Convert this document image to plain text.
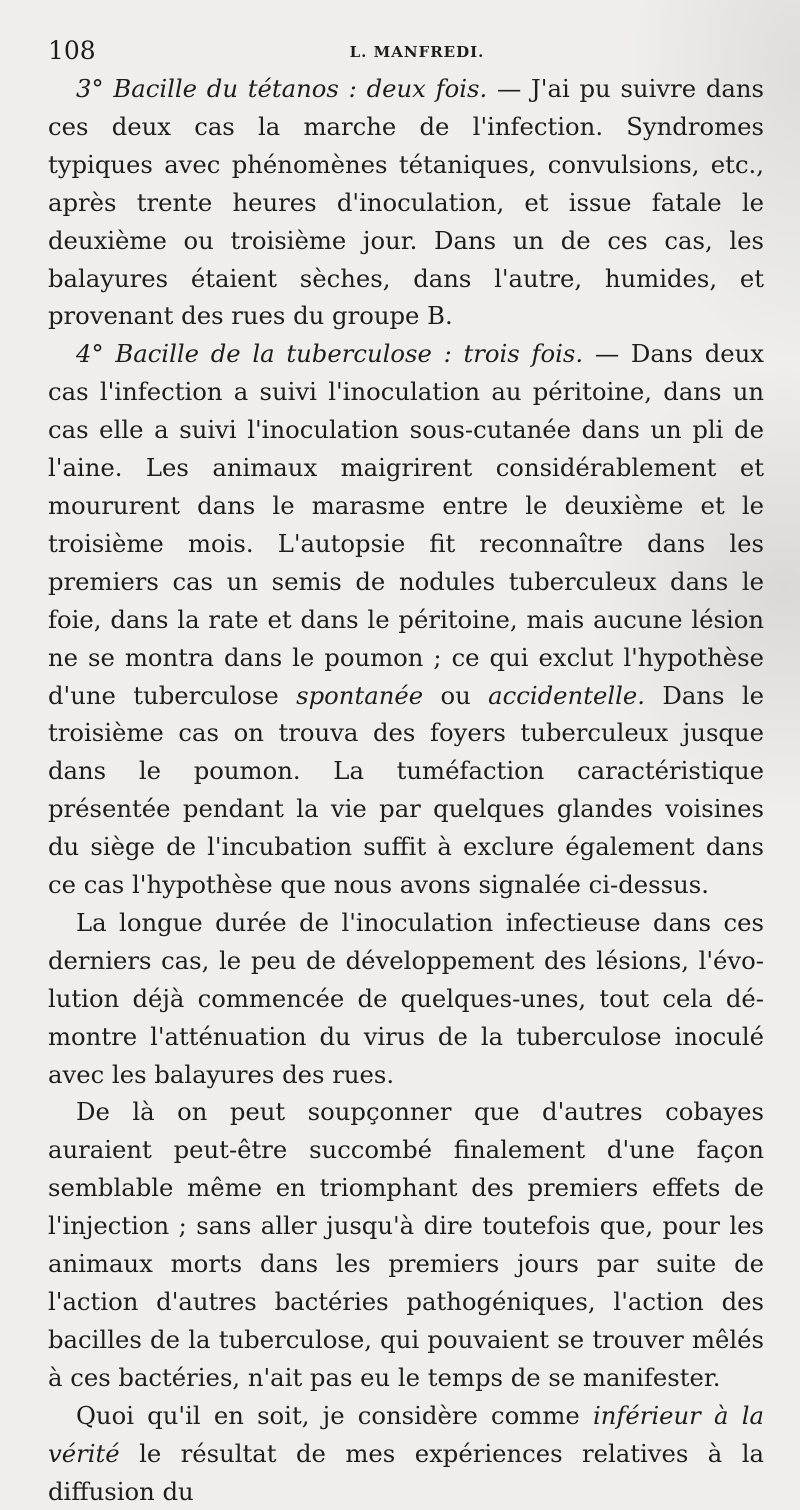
108	L. MANFREDI.

3° Bacille du tétanos : deux fois. — J'ai pu suivre dans ces deux cas la marche de l'infection. Syndromes typiques avec phénomènes tétaniques, convulsions, etc., après trente heures d'inoculation, et issue fatale le deuxième ou troisième jour. Dans un de ces cas, les balayures étaient sèches, dans l'autre, humides, et provenant des rues du groupe B.

4° Bacille de la tuberculose : trois fois. — Dans deux cas l'infection a suivi l'inoculation au péritoine, dans un cas elle a suivi l'inoculation sous-cutanée dans un pli de l'aine. Les animaux maigrirent considérablement et moururent dans le marasme entre le deuxième et le troisième mois. L'autopsie fit reconnaître dans les premiers cas un semis de nodules tuberculeux dans le foie, dans la rate et dans le péritoine, mais aucune lésion ne se montra dans le poumon ; ce qui exclut l'hypothèse d'une tuberculose spontanée ou accidentelle. Dans le troisième cas on trouva des foyers tuberculeux jusque dans le poumon. La tuméfaction caractéristique présentée pendant la vie par quelques glandes voisines du siège de l'incubation suffit à exclure également dans ce cas l'hypothèse que nous avons signalée ci-dessus.

La longue durée de l'inoculation infectieuse dans ces derniers cas, le peu de développement des lésions, l'évolution déjà commencée de quelques-unes, tout cela démontre l'atténuation du virus de la tuberculose inoculé avec les balayures des rues.

De là on peut soupçonner que d'autres cobayes auraient peut-être succombé finalement d'une façon semblable même en triomphant des premiers effets de l'injection ; sans aller jusqu'à dire toutefois que, pour les animaux morts dans les premiers jours par suite de l'action d'autres bactéries pathogéniques, l'action des bacilles de la tuberculose, qui pouvaient se trouver mêlés à ces bactéries, n'ait pas eu le temps de se manifester.

Quoi qu'il en soit, je considère comme inférieur à la vérité le résultat de mes expériences relatives à la diffusion du
